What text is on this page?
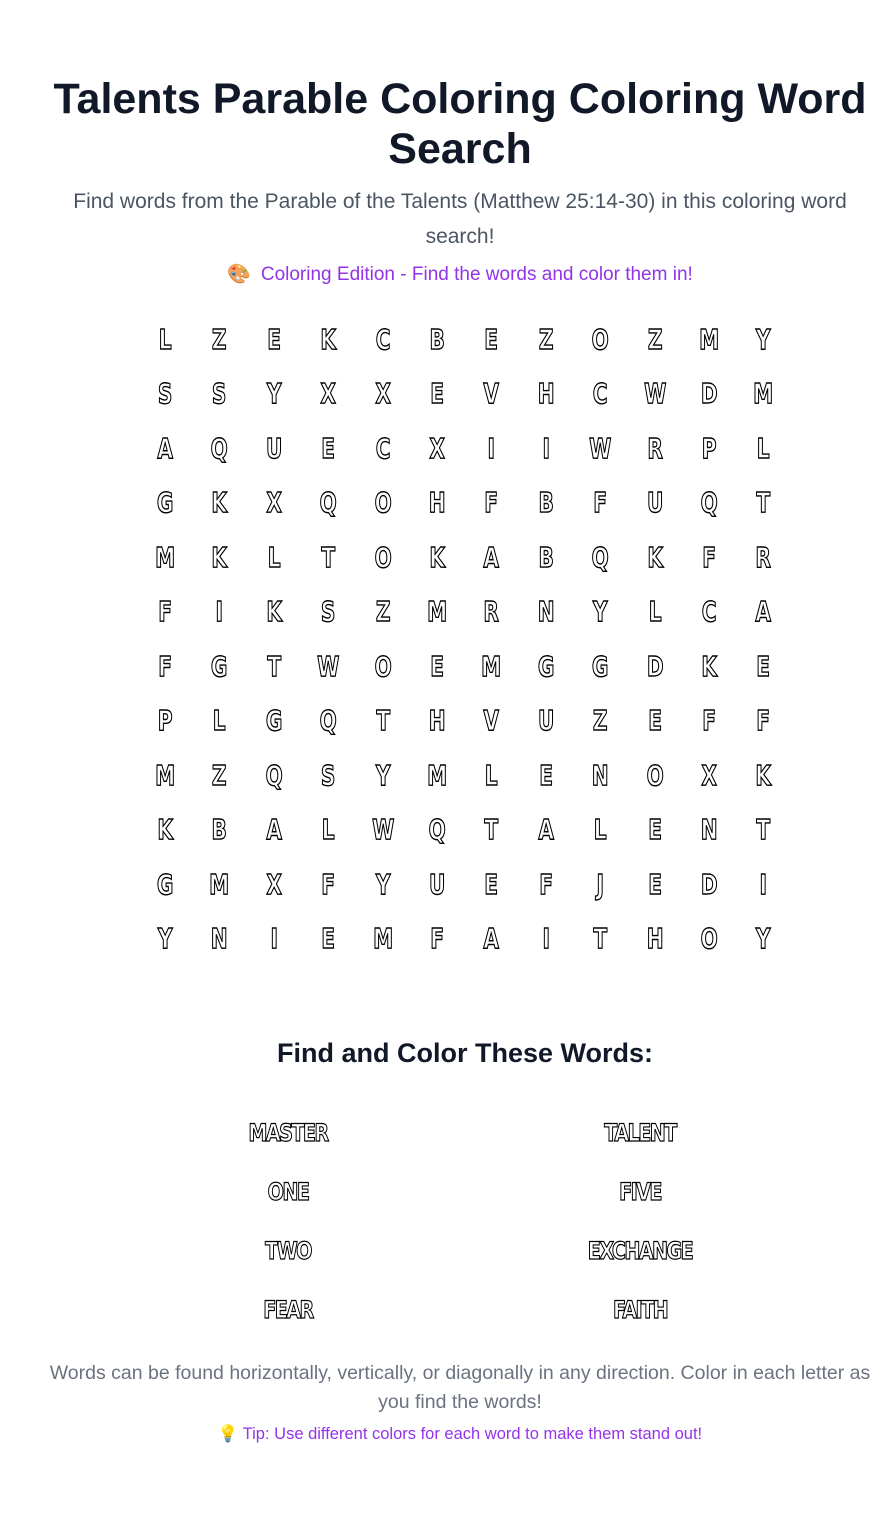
Talents Parable Coloring Coloring Word Search
Find words from the Parable of the Talents (Matthew 25:14-30) in this coloring word search!
🎨 Coloring Edition - Find the words and color them in!
L	Z	E	K	C	B	E	Z	O	Z	M	Y
S	S	Y	X	X	E	V	H	C	W	D	M
A	Q	U	E	C	X	I	I	W	R	P	L
G	K	X	Q	O	H	F	B	F	U	Q	T
M	K	L	T	O	K	A	B	Q	K	F	R
F	I	K	S	Z	M	R	N	Y	L	C	A
F	G	T	W	O	E	M	G	G	D	K	E
P	L	G	Q	T	H	V	U	Z	E	F	F
M	Z	Q	S	Y	M	L	E	N	O	X	K
K	B	A	L	W	Q	T	A	L	E	N	T
G	M	X	F	Y	U	E	F	J	E	D	I
Y	N	I	E	M	F	A	I	T	H	O	Y
Find and Color These Words:
MASTER	TALENT
ONE	FIVE
TWO	EXCHANGE
FEAR	FAITH
Words can be found horizontally, vertically, or diagonally in any direction. Color in each letter as you find the words!
💡 Tip: Use different colors for each word to make them stand out!
